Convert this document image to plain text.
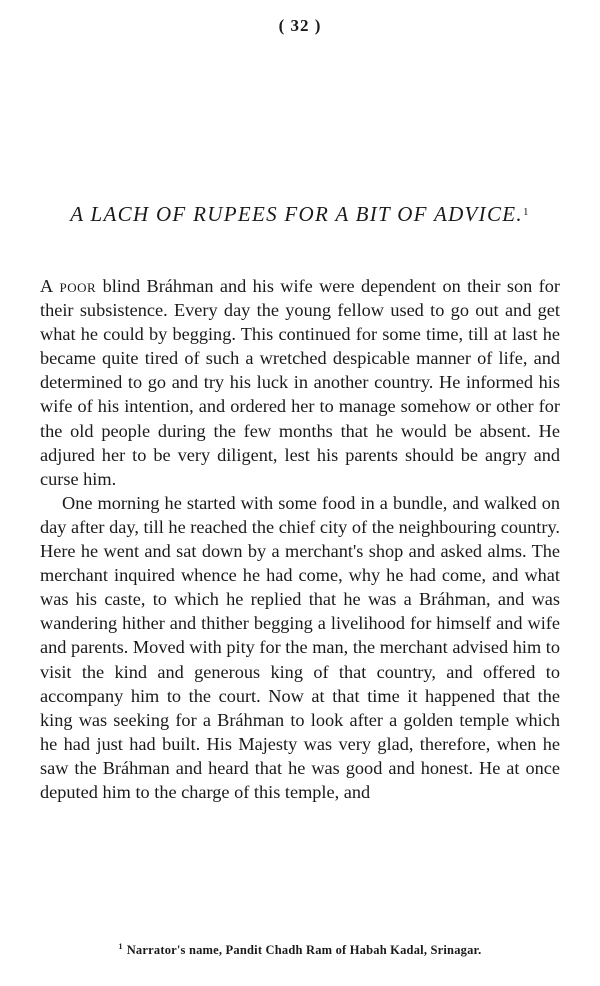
( 32 )
A LACH OF RUPEES FOR A BIT OF ADVICE.$^1$

A poor blind Bráhman and his wife were dependent on their son for their subsistence. Every day the young fellow used to go out and get what he could by begging. This continued for some time, till at last he became quite tired of such a wretched despicable manner of life, and determined to go and try his luck in another country. He informed his wife of his intention, and ordered her to manage somehow or other for the old people during the few months that he would be absent. He adjured her to be very diligent, lest his parents should be angry and curse him.

One morning he started with some food in a bundle, and walked on day after day, till he reached the chief city of the neighbouring country. Here he went and sat down by a merchant's shop and asked alms. The merchant inquired whence he had come, why he had come, and what was his caste, to which he replied that he was a Bráhman, and was wandering hither and thither begging a livelihood for himself and wife and parents. Moved with pity for the man, the merchant advised him to visit the kind and generous king of that country, and offered to accompany him to the court. Now at that time it happened that the king was seeking for a Bráhman to look after a golden temple which he had just had built. His Majesty was very glad, therefore, when he saw the Bráhman and heard that he was good and honest. He at once deputed him to the charge of this temple, and

$^1$ Narrator's name, Pandit Chadh Ram of Habah Kadal, Srinagar.
